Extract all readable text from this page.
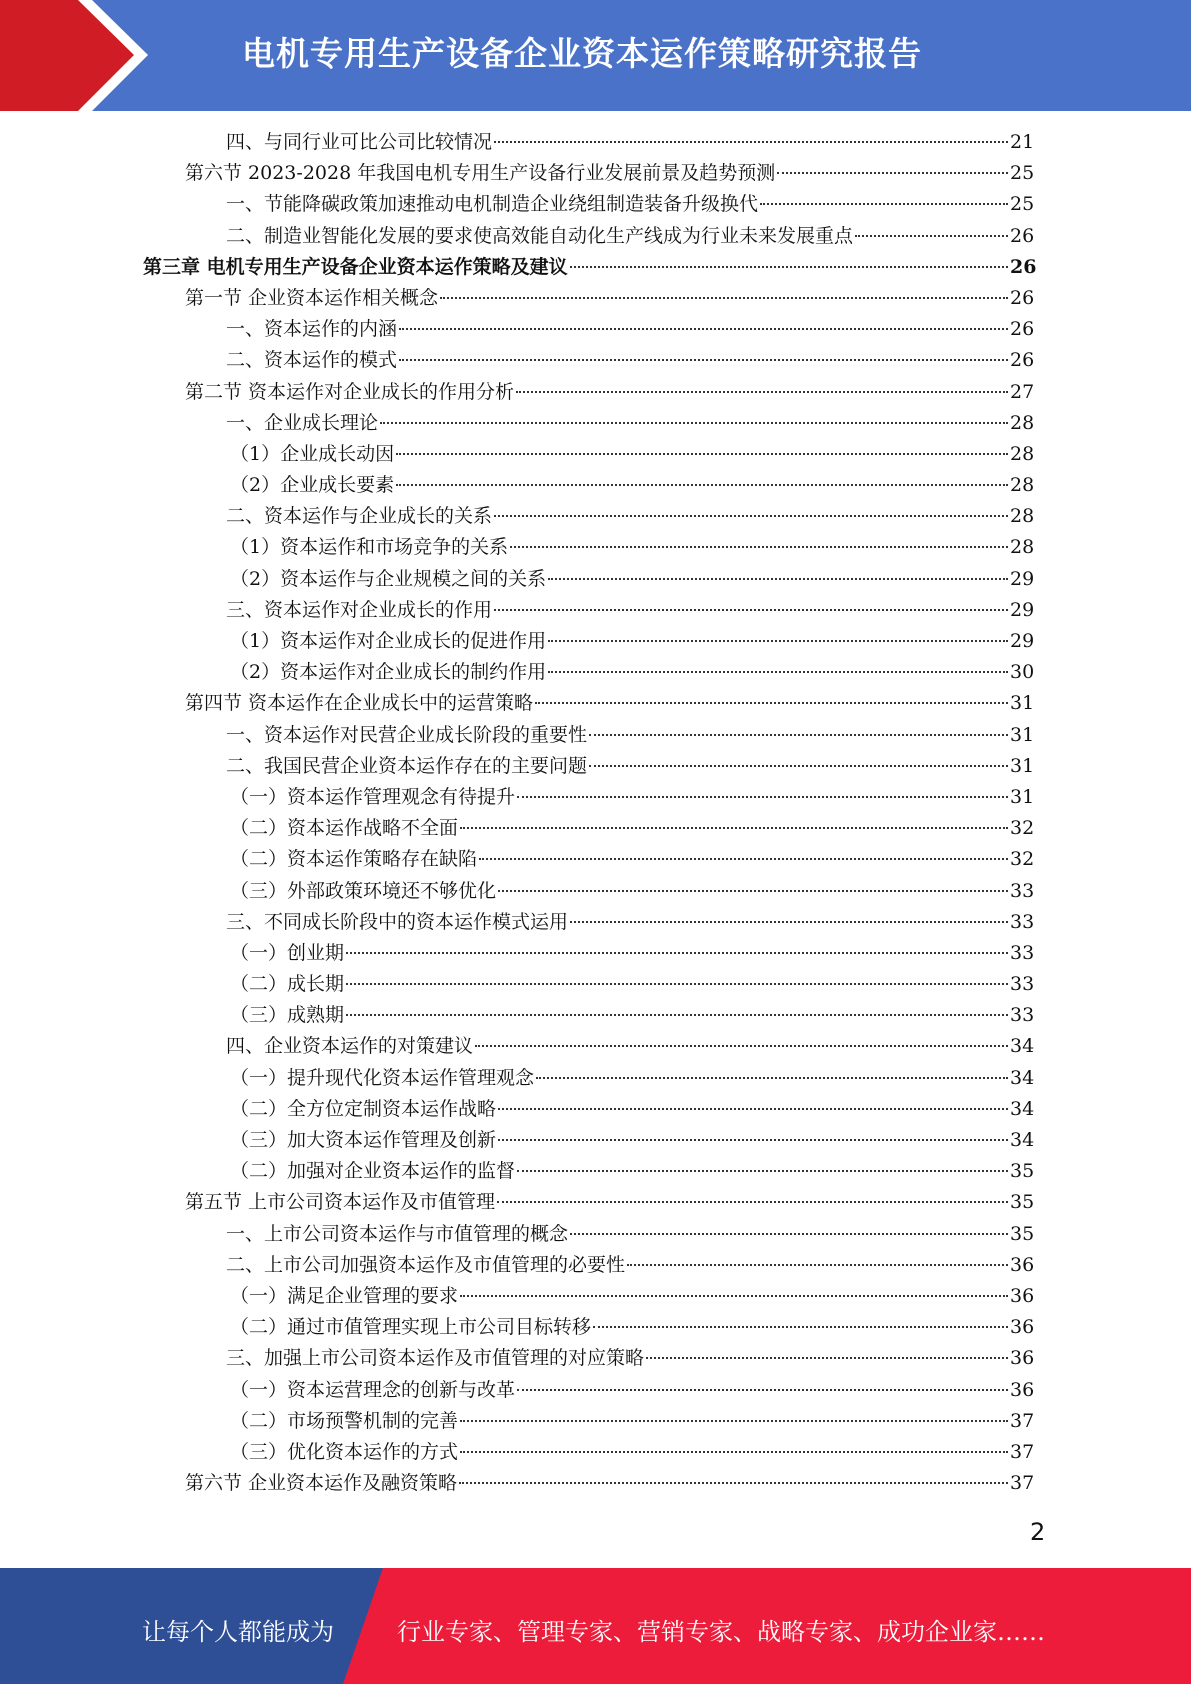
电机专用生产设备企业资本运作策略研究报告
四、与同行业可比公司比较情况	21
第六节 2023-2028 年我国电机专用生产设备行业发展前景及趋势预测	25
一、节能降碳政策加速推动电机制造企业绕组制造装备升级换代	25
二、制造业智能化发展的要求使高效能自动化生产线成为行业未来发展重点	26
第三章 电机专用生产设备企业资本运作策略及建议	26
第一节 企业资本运作相关概念	26
一、资本运作的内涵	26
二、资本运作的模式	26
第二节 资本运作对企业成长的作用分析	27
一、企业成长理论	28
（1）企业成长动因	28
（2）企业成长要素	28
二、资本运作与企业成长的关系	28
（1）资本运作和市场竞争的关系	28
（2）资本运作与企业规模之间的关系	29
三、资本运作对企业成长的作用	29
（1）资本运作对企业成长的促进作用	29
（2）资本运作对企业成长的制约作用	30
第四节 资本运作在企业成长中的运营策略	31
一、资本运作对民营企业成长阶段的重要性	31
二、我国民营企业资本运作存在的主要问题	31
（一）资本运作管理观念有待提升	31
（二）资本运作战略不全面	32
（二）资本运作策略存在缺陷	32
（三）外部政策环境还不够优化	33
三、不同成长阶段中的资本运作模式运用	33
（一）创业期	33
（二）成长期	33
（三）成熟期	33
四、企业资本运作的对策建议	34
（一）提升现代化资本运作管理观念	34
（二）全方位定制资本运作战略	34
（三）加大资本运作管理及创新	34
（二）加强对企业资本运作的监督	35
第五节 上市公司资本运作及市值管理	35
一、上市公司资本运作与市值管理的概念	35
二、上市公司加强资本运作及市值管理的必要性	36
（一）满足企业管理的要求	36
（二）通过市值管理实现上市公司目标转移	36
三、加强上市公司资本运作及市值管理的对应策略	36
（一）资本运营理念的创新与改革	36
（二）市场预警机制的完善	37
（三）优化资本运作的方式	37
第六节 企业资本运作及融资策略	37
2
让每个人都能成为	行业专家、管理专家、营销专家、战略专家、成功企业家……
